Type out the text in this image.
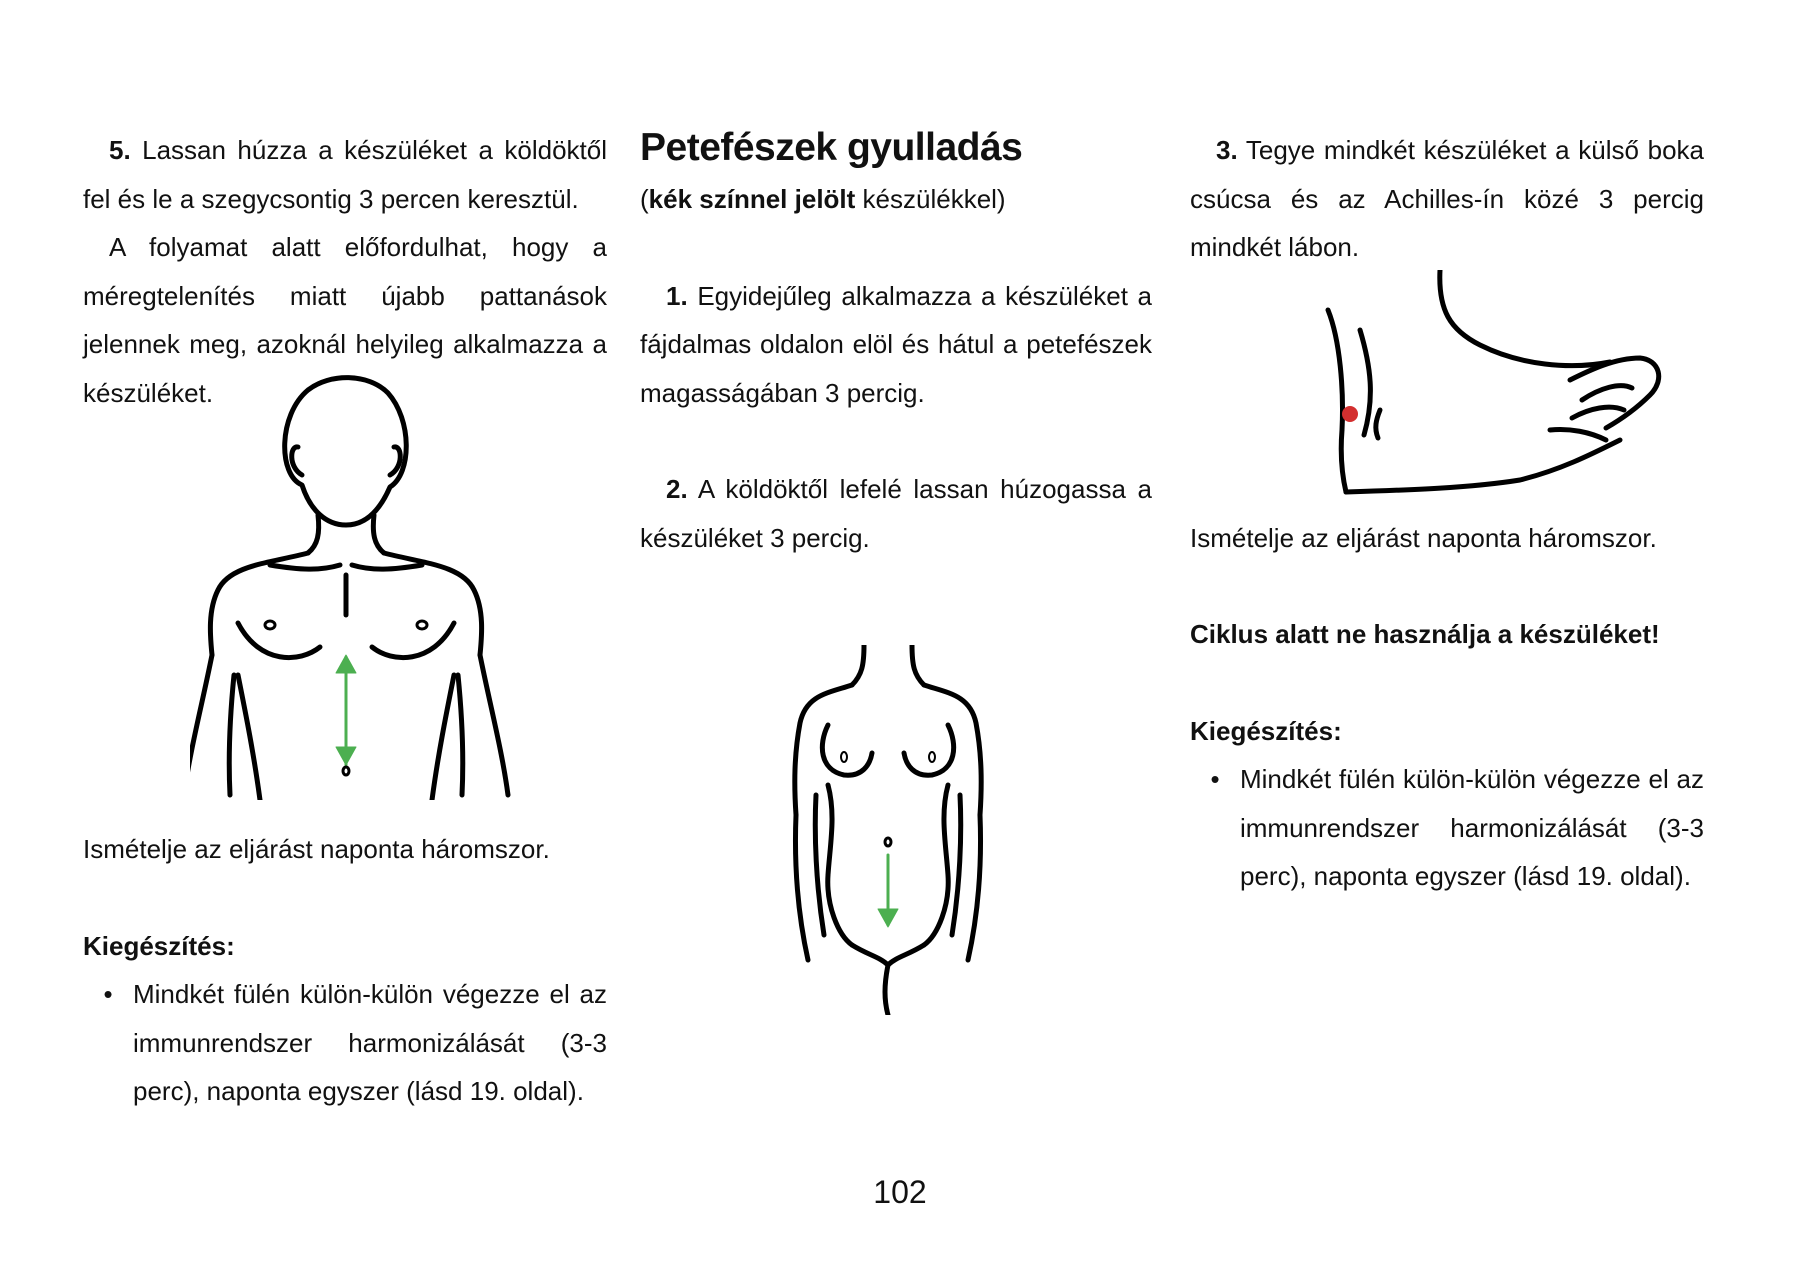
5. Lassan húzza a készüléket a köldöktől fel és le a szegycsontig 3 percen keresztül.

A folyamat alatt előfordulhat, hogy a méregtelenítés miatt újabb pattanások jelennek meg, azoknál helyileg alkalmazza a készüléket.

Ismételje az eljárást naponta háromszor.

Kiegészítés:

• Mindkét fülén külön-külön végezze el az immunrendszer harmonizálását (3-3 perc), naponta egyszer (lásd 19. oldal).
Petefészek gyulladás

(kék színnel jelölt készülékkel)

1. Egyidejűleg alkalmazza a készüléket a fájdalmas oldalon elöl és hátul a petefészek magasságában 3 percig.

2. A köldöktől lefelé lassan húzogassa a készüléket 3 percig.

3. Tegye mindkét készüléket a külső boka csúcsa és az Achilles-ín közé 3 percig mindkét lábon.

Ismételje az eljárást naponta háromszor.

Ciklus alatt ne használja a készüléket!

Kiegészítés:

• Mindkét fülén külön-külön végezze el az immunrendszer harmonizálását (3-3 perc), naponta egyszer (lásd 19. oldal).
102
